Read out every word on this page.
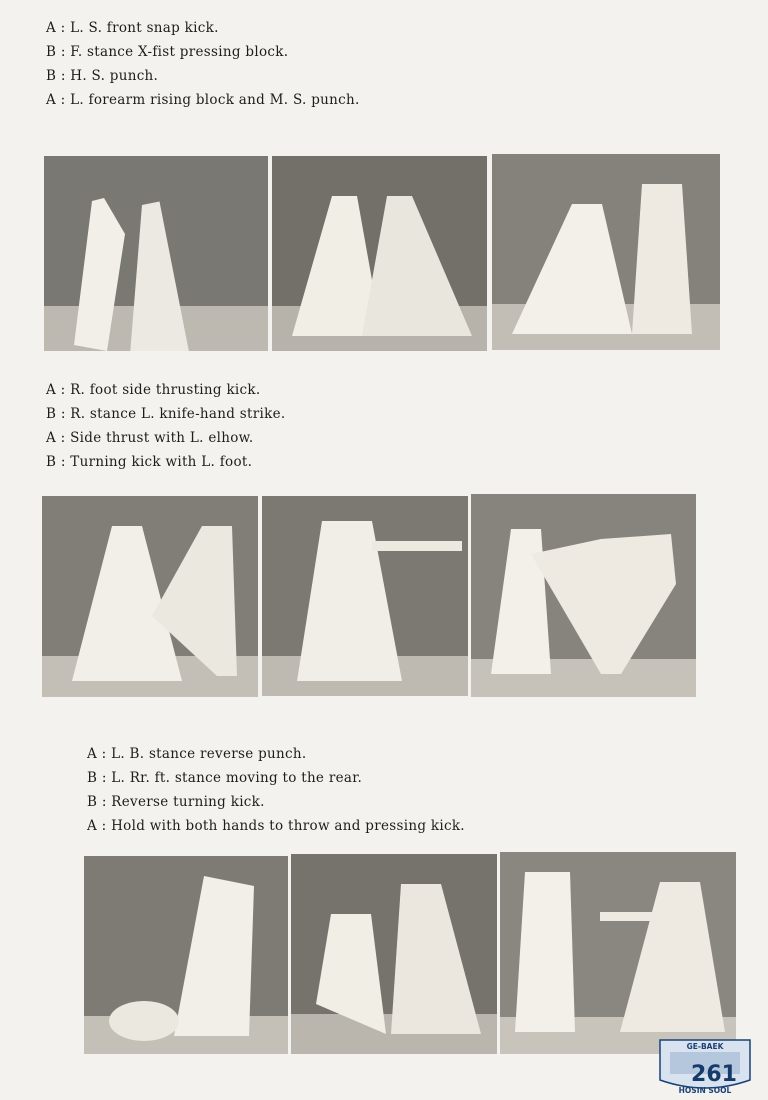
A : L. S. front snap kick.
B : F. stance X-fist pressing block.
B : H. S. punch.
A : L. forearm rising block and M. S. punch.
A : R. foot side thrusting kick.
B : R. stance L. knife-hand strike.
A : Side thrust with L. elhow.
B : Turning kick with L. foot.
A : L. B. stance reverse punch.
B : L. Rr. ft. stance moving to the rear.
B : Reverse turning kick.
A : Hold with both hands to throw and pressing kick.
GE-BAEK
HOSIN SOOL
261
